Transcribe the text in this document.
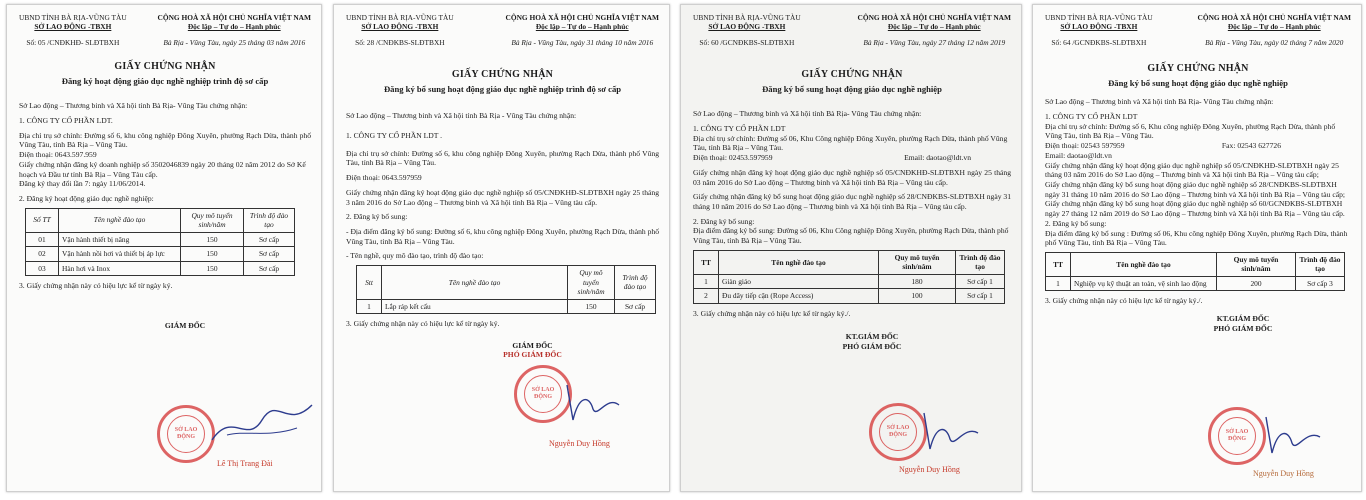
UBND TỈNH BÀ RỊA-VŨNG TÀU
SỞ LAO ĐỘNG -TBXH
Số: 05 /CNĐKHĐ- SLĐTBXH
CỘNG HOÀ XÃ HỘI CHỦ NGHĨA VIỆT NAM
Độc lập – Tự do – Hạnh phúc
Bà Rịa - Vũng Tàu, ngày 25 tháng 03 năm 2016
GIẤY CHỨNG NHẬN
Đăng ký hoạt động giáo dục nghề nghiệp trình độ sơ cấp
Sở Lao động – Thương binh và Xã hội tỉnh Bà Rịa- Vũng Tàu chứng nhận:
1. CÔNG TY CỔ PHẦN LDT.
Địa chỉ trụ sở chính: Đường số 6, khu công nghiệp Đông Xuyên, phường Rạch Dừa, thành phố Vũng Tàu, tỉnh Bà Rịa – Vũng Tàu.
Điện thoại: 0643.597.959
Giấy chứng nhận đăng ký doanh nghiệp số 3502046839 ngày 20 tháng 02 năm 2012 do Sở Kế hoạch và Đầu tư tỉnh Bà Rịa – Vũng Tàu cấp.
Đăng ký thay đổi lần 7: ngày 11/06/2014.
2. Đăng ký hoạt động giáo dục nghề nghiệp:
Số TT	Tên nghề đào tạo	Quy mô tuyển sinh/năm	Trình độ đào tạo
01	Vận hành thiết bị nâng	150	Sơ cấp
02	Vận hành nồi hơi và thiết bị áp lực	150	Sơ cấp
03	Hàn hơi và Inox	150	Sơ cấp
3. Giấy chứng nhận này có hiệu lực kể từ ngày ký.
GIÁM ĐỐC
SỞ LAO ĐỘNG
Lê Thị Trang Đài
UBND TỈNH BÀ RỊA-VŨNG TÀU
SỞ LAO ĐỘNG -TBXH
Số: 28 /CNĐKBS-SLĐTBXH
CỘNG HOÀ XÃ HỘI CHỦ NGHĨA VIỆT NAM
Độc lập – Tự do – Hạnh phúc
Bà Rịa - Vũng Tàu, ngày 31 tháng 10 năm 2016
GIẤY CHỨNG NHẬN
Đăng ký bổ sung hoạt động giáo dục nghề nghiệp trình độ sơ cấp
Sở Lao động – Thương binh và Xã hội tỉnh Bà Rịa - Vũng Tàu chứng nhận:
1. CÔNG TY CỔ PHẦN LDT .
Địa chỉ trụ sở chính: Đường số 6, khu công nghiệp Đông Xuyên, phường Rạch Dừa, thành phố Vũng Tàu, tỉnh Bà Rịa – Vũng Tàu.
Điện thoại: 0643.597959
Giấy chứng nhận đăng ký hoạt động giáo dục nghề nghiệp số 05/CNĐKHĐ-SLĐTBXH ngày 25 tháng 3 năm 2016 do Sở Lao động – Thương binh và Xã hội tỉnh Bà Rịa – Vũng tàu cấp.
2. Đăng ký bổ sung:
- Địa điểm đăng ký bổ sung: Đường số 6, khu công nghiệp Đông Xuyên, phường Rạch Dừa, thành phố Vũng Tàu, tỉnh Bà Rịa – Vũng Tàu.
- Tên nghề, quy mô đào tạo, trình độ đào tạo:
Stt	Tên nghề đào tạo	Quy mô tuyển sinh/năm	Trình độ đào tạo
1	Lắp ráp kết cấu	150	Sơ cấp
3. Giấy chứng nhận này có hiệu lực kể từ ngày ký.
GIÁM ĐỐC
PHÓ GIÁM ĐỐC
SỞ LAO ĐỘNG
Nguyễn Duy Hồng
UBND TỈNH BÀ RỊA-VŨNG TÀU
SỞ LAO ĐỘNG -TBXH
Số: 60 /GCNĐKBS-SLĐTBXH
CỘNG HOÀ XÃ HỘI CHỦ NGHĨA VIỆT NAM
Độc lập – Tự do – Hạnh phúc
Bà Rịa - Vũng Tàu, ngày 27 tháng 12 năm 2019
GIẤY CHỨNG NHẬN
Đăng ký bổ sung hoạt động giáo dục nghề nghiệp
Sở Lao động – Thương binh và Xã hội tỉnh Bà Rịa- Vũng Tàu chứng nhận:
1. CÔNG TY CỔ PHẦN LDT
Địa chỉ trụ sở chính: Đường số 06, Khu Công nghiệp Đông Xuyên, phường Rạch Dừa, thành phố Vũng Tàu, tỉnh Bà Rịa – Vũng Tàu.
Điện thoại: 02453.597959	Email: daotao@ldt.vn
Giấy chứng nhận đăng ký hoạt động giáo dục nghề nghiệp số 05/CNĐKHĐ-SLĐTBXH ngày 25 tháng 03 năm 2016 do Sở Lao động – Thương binh và Xã hội tỉnh Bà Rịa – Vũng tàu cấp.
Giấy chứng nhận đăng ký bổ sung hoạt động giáo dục nghề nghiệp số 28/CNĐKBS-SLĐTBXH ngày 31 tháng 10 năm 2016 do Sở Lao động – Thương binh và Xã hội tỉnh Bà Rịa – Vũng tàu cấp.
2. Đăng ký bổ sung:
Địa điểm đăng ký bổ sung: Đường số 06, Khu Công nghiệp Đông Xuyên, phường Rạch Dừa, thành phố Vũng Tàu, tỉnh Bà Rịa – Vũng Tàu.
TT	Tên nghề đào tạo	Quy mô tuyển sinh/năm	Trình độ đào tạo
1	Giàn giáo	180	Sơ cấp 1
2	Đu dây tiếp cận (Rope Access)	100	Sơ cấp 1
3. Giấy chứng nhận này có hiệu lực kể từ ngày ký./.
KT.GIÁM ĐỐC
PHÓ GIÁM ĐỐC
SỞ LAO ĐỘNG
Nguyễn Duy Hồng
UBND TỈNH BÀ RỊA-VŨNG TÀU
SỞ LAO ĐỘNG -TBXH
Số: 64 /GCNĐKBS-SLĐTBXH
CỘNG HOÀ XÃ HỘI CHỦ NGHĨA VIỆT NAM
Độc lập – Tự do – Hạnh phúc
Bà Rịa - Vũng Tàu, ngày 02 tháng 7 năm 2020
GIẤY CHỨNG NHẬN
Đăng ký bổ sung hoạt động giáo dục nghề nghiệp
Sở Lao động – Thương binh và Xã hội tỉnh Bà Rịa- Vũng Tàu chứng nhận:
1. CÔNG TY CỔ PHẦN LDT
Địa chỉ trụ sở chính: Đường số 6, Khu công nghiệp Đông Xuyên, phường Rạch Dừa, thành phố Vũng Tàu, tỉnh Bà Rịa – Vũng Tàu.
Điện thoại: 02543 597959	Fax: 02543 627726
Email: daotao@ldt.vn
Giấy chứng nhận đăng ký hoạt động giáo dục nghề nghiệp số 05/CNĐKHĐ-SLĐTBXH ngày 25 tháng 03 năm 2016 do Sở Lao động – Thương binh và Xã hội tỉnh Bà Rịa – Vũng tàu cấp;
Giấy chứng nhận đăng ký bổ sung hoạt động giáo dục nghề nghiệp số 28/CNĐKBS-SLĐTBXH ngày 31 tháng 10 năm 2016 do Sở Lao động – Thương binh và Xã hội tỉnh Bà Rịa – Vũng tàu cấp;
Giấy chứng nhận đăng ký bổ sung hoạt động giáo dục nghề nghiệp số 60/GCNĐKBS-SLĐTBXH ngày 27 tháng 12 năm 2019 do Sở Lao động – Thương binh và Xã hội tỉnh Bà Rịa – Vũng tàu cấp.
2. Đăng ký bổ sung:
Địa điểm đăng ký bổ sung : Đường số 06, Khu công nghiệp Đông Xuyên, phường Rạch Dừa, thành phố Vũng Tàu, tỉnh Bà Rịa – Vũng Tàu.
TT	Tên nghề đào tạo	Quy mô tuyển sinh/năm	Trình độ đào tạo
1	Nghiệp vụ kỹ thuật an toàn, vệ sinh lao động	200	Sơ cấp 3
3. Giấy chứng nhận này có hiệu lực kể từ ngày ký./.
KT.GIÁM ĐỐC
PHÓ GIÁM ĐỐC
SỞ LAO ĐỘNG
Nguyễn Duy Hồng
